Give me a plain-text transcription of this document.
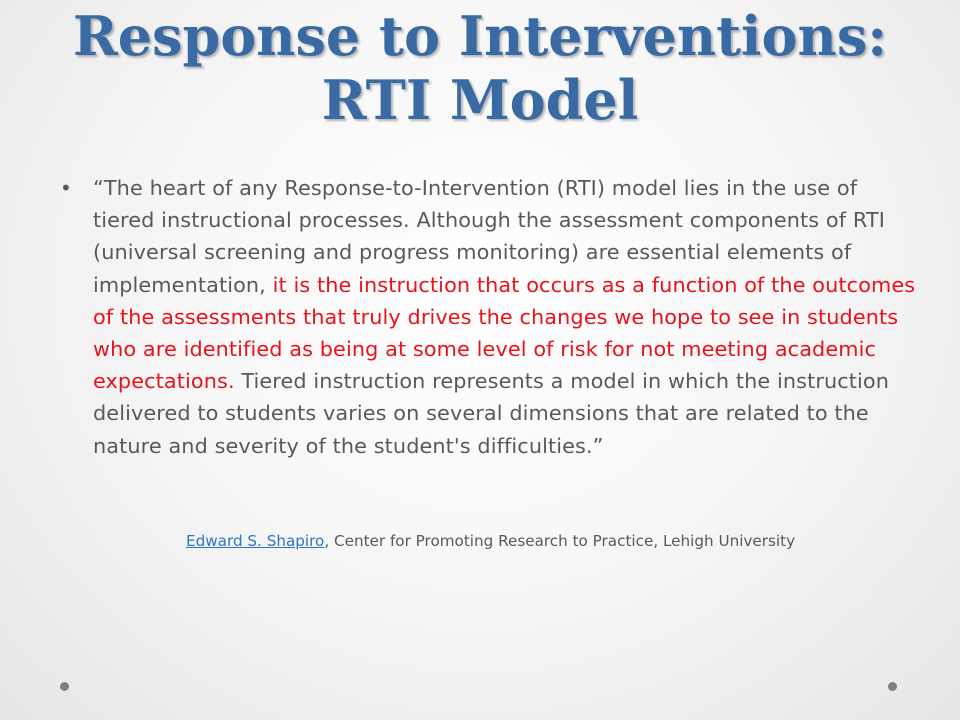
Response to Interventions:
RTI Model
• “The heart of any Response-to-Intervention (RTI) model lies in the use of tiered instructional processes. Although the assessment components of RTI (universal screening and progress monitoring) are essential elements of implementation, it is the instruction that occurs as a function of the outcomes of the assessments that truly drives the changes we hope to see in students who are identified as being at some level of risk for not meeting academic expectations. Tiered instruction represents a model in which the instruction delivered to students varies on several dimensions that are related to the nature and severity of the student's difficulties.”
Edward S. Shapiro, Center for Promoting Research to Practice, Lehigh University
